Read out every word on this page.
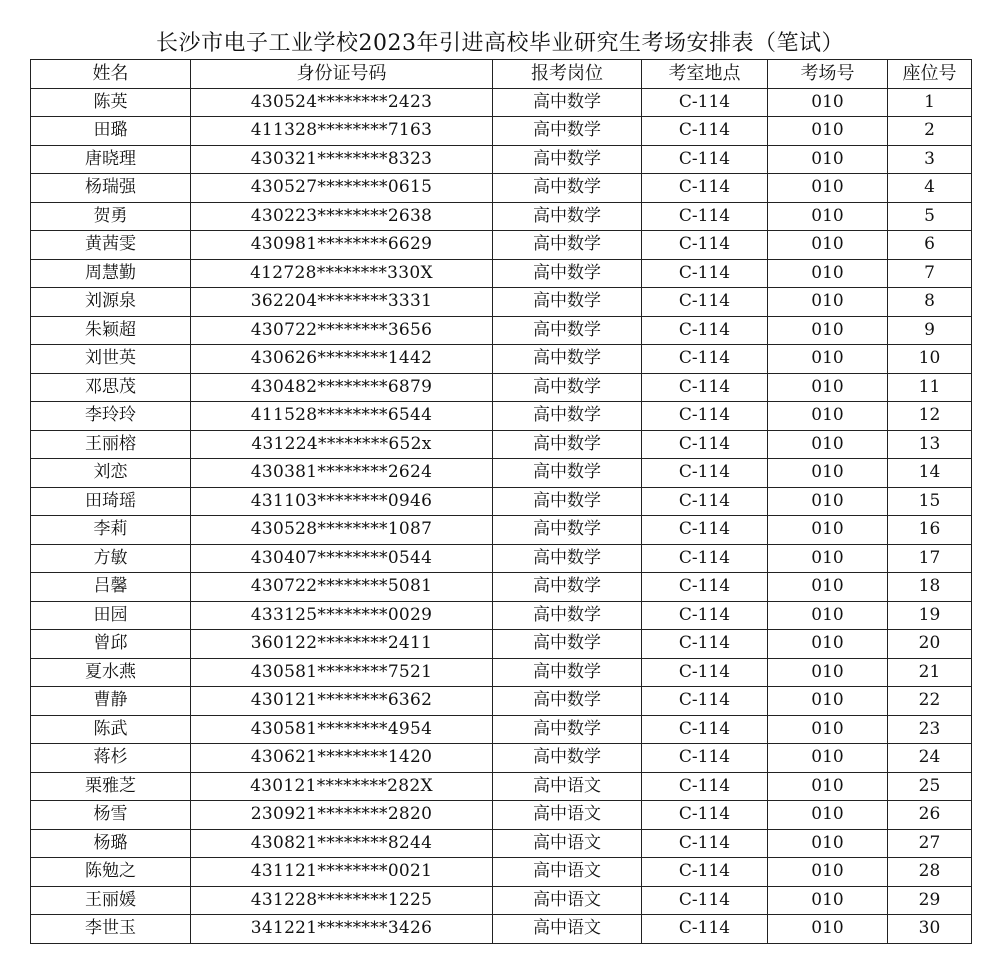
长沙市电子工业学校2023年引进高校毕业研究生考场安排表（笔试）
姓名	身份证号码	报考岗位	考室地点	考场号	座位号
陈英	430524********2423	高中数学	C-114	010	1
田璐	411328********7163	高中数学	C-114	010	2
唐晓理	430321********8323	高中数学	C-114	010	3
杨瑞强	430527********0615	高中数学	C-114	010	4
贺勇	430223********2638	高中数学	C-114	010	5
黄茜雯	430981********6629	高中数学	C-114	010	6
周慧勤	412728********330X	高中数学	C-114	010	7
刘源泉	362204********3331	高中数学	C-114	010	8
朱颖超	430722********3656	高中数学	C-114	010	9
刘世英	430626********1442	高中数学	C-114	010	10
邓思茂	430482********6879	高中数学	C-114	010	11
李玲玲	411528********6544	高中数学	C-114	010	12
王丽榕	431224********652x	高中数学	C-114	010	13
刘恋	430381********2624	高中数学	C-114	010	14
田琦瑶	431103********0946	高中数学	C-114	010	15
李莉	430528********1087	高中数学	C-114	010	16
方敏	430407********0544	高中数学	C-114	010	17
吕馨	430722********5081	高中数学	C-114	010	18
田园	433125********0029	高中数学	C-114	010	19
曾邱	360122********2411	高中数学	C-114	010	20
夏水燕	430581********7521	高中数学	C-114	010	21
曹静	430121********6362	高中数学	C-114	010	22
陈武	430581********4954	高中数学	C-114	010	23
蒋杉	430621********1420	高中数学	C-114	010	24
栗雅芝	430121********282X	高中语文	C-114	010	25
杨雪	230921********2820	高中语文	C-114	010	26
杨璐	430821********8244	高中语文	C-114	010	27
陈勉之	431121********0021	高中语文	C-114	010	28
王丽媛	431228********1225	高中语文	C-114	010	29
李世玉	341221********3426	高中语文	C-114	010	30
